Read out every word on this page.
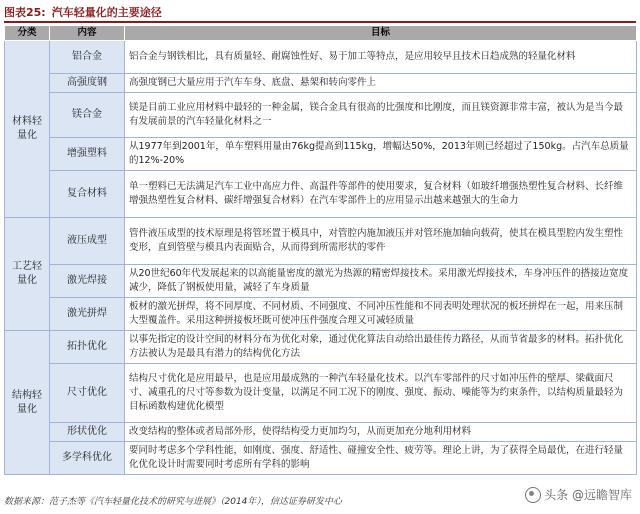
图表25: 汽车轻量化的主要途径
分类	内容	目标
材料轻量化	铝合金	铝合金与钢铁相比，具有质量轻、耐腐蚀性好、易于加工等特点，是应用较早且技术日趋成熟的轻量化材料
	高强度钢	高强度钢已大量应用于汽车车身、底盘、悬架和转向零件上
	镁合金	镁是目前工业应用材料中最轻的一种金属，镁合金具有很高的比强度和比刚度，而且镁资源非常丰富，被认为是当今最有发展前景的汽车轻量化材料之一
	增强塑料	从1977年到2001年，单车塑料用量由76kg提高到115kg，增幅达50%，2013年则已经超过了150kg。占汽车总质量的12%-20%
	复合材料	单一塑料已无法满足汽车工业中高应力件、高温件等部件的使用要求，复合材料（如玻纤增强热塑性复合材料、长纤维增强热塑性复合材料、碳纤增强复合材料）在汽车零部件上的应用显示出越来越强大的生命力
工艺轻量化	液压成型	管件液压成型的技术原理是将管坯置于模具中，对管腔内施加液压并对管坯施加轴向载荷，使其在模具型腔内发生塑性变形，直到管壁与模具内表面贴合，从而得到所需形状的零件
	激光焊接	从20世纪60年代发展起来的以高能量密度的激光为热源的精密焊接技术。采用激光焊接技术，车身冲压件的搭接边宽度减少，降低了钢板使用量，减轻了车身质量
	激光拼焊	板材的激光拼焊，将不同厚度、不同材质、不同强度、不同冲压性能和不同表明处理状况的板坯拼焊在一起，用来压制大型覆盖件。采用这种拼接板坯既可使冲压件强度合理又可减轻质量
结构轻量化	拓扑优化	以事先指定的设计空间的材料分布为优化对象，通过优化算法自动给出最佳传力路径，从而节省最多的材料。拓扑优化方法被认为是最具有潜力的结构优化方法
	尺寸优化	结构尺寸优化是应用最早，也是应用最成熟的一种汽车轻量化技术。以汽车零部件的尺寸如冲压件的壁厚、梁截面尺寸、减重孔的尺寸等参数为设计变量，以满足不同工况下的刚度、强度、振动、噪能等为约束条件，以结构质量最轻为目标函数构建优化模型
	形状优化	改变结构的整体或者局部外形，使得结构受力更加均匀，从而更加充分地利用材料
	多学科优化	要同时考虑多个学科性能，如刚度、强度、舒适性、碰撞安全性、疲劳等。理论上讲，为了获得全局最优，在进行轻量化优化设计时需要同时考虑所有学科的影响
数据来源：范子杰等《汽车轻量化技术的研究与进展》（2014年），信达证券研发中心	头条 @远瞻智库
